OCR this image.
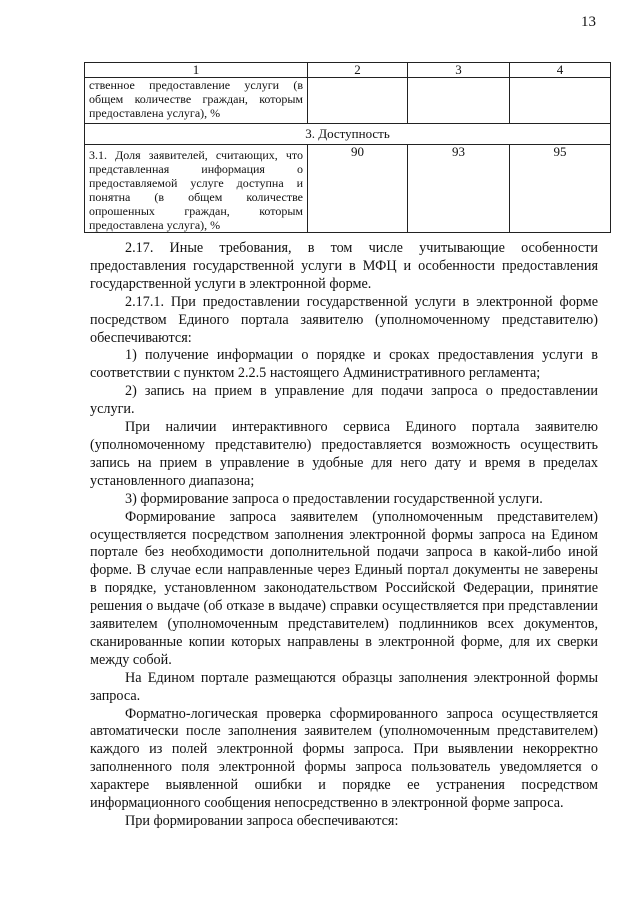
13
1	2	3	4
ственное предоставление услуги (в общем количестве граждан, которым предоставлена услуга), %			
3. Доступность			
3.1. Доля заявителей, считающих, что представленная информация о предоставляемой услуге доступна и понятна (в общем количестве опрошенных граждан, которым предоставлена услуга), %	90	93	95

2.17. Иные требования, в том числе учитывающие особенности предоставления государственной услуги в МФЦ и особенности предоставления государственной услуги в электронной форме.

2.17.1. При предоставлении государственной услуги в электронной форме посредством Единого портала заявителю (уполномоченному представителю) обеспечиваются:

1) получение информации о порядке и сроках предоставления услуги в соответствии с пунктом 2.2.5 настоящего Административного регламента;

2) запись на прием в управление для подачи запроса о предоставлении услуги.

При наличии интерактивного сервиса Единого портала заявителю (уполномоченному представителю) предоставляется возможность осуществить запись на прием в управление в удобные для него дату и время в пределах установленного диапазона;

3) формирование запроса о предоставлении государственной услуги.

Формирование запроса заявителем (уполномоченным представителем) осуществляется посредством заполнения электронной формы запроса на Едином портале без необходимости дополнительной подачи запроса в какой-либо иной форме. В случае если направленные через Единый портал документы не заверены в порядке, установленном законодательством Российской Федерации, принятие решения о выдаче (об отказе в выдаче) справки осуществляется при представлении заявителем (уполномоченным представителем) подлинников всех документов, сканированные копии которых направлены в электронной форме, для их сверки между собой.

На Едином портале размещаются образцы заполнения электронной формы запроса.

Форматно-логическая проверка сформированного запроса осуществляется автоматически после заполнения заявителем (уполномоченным представителем) каждого из полей электронной формы запроса. При выявлении некорректно заполненного поля электронной формы запроса пользователь уведомляется о характере выявленной ошибки и порядке ее устранения посредством информационного сообщения непосредственно в электронной форме запроса.

При формировании запроса обеспечиваются:
